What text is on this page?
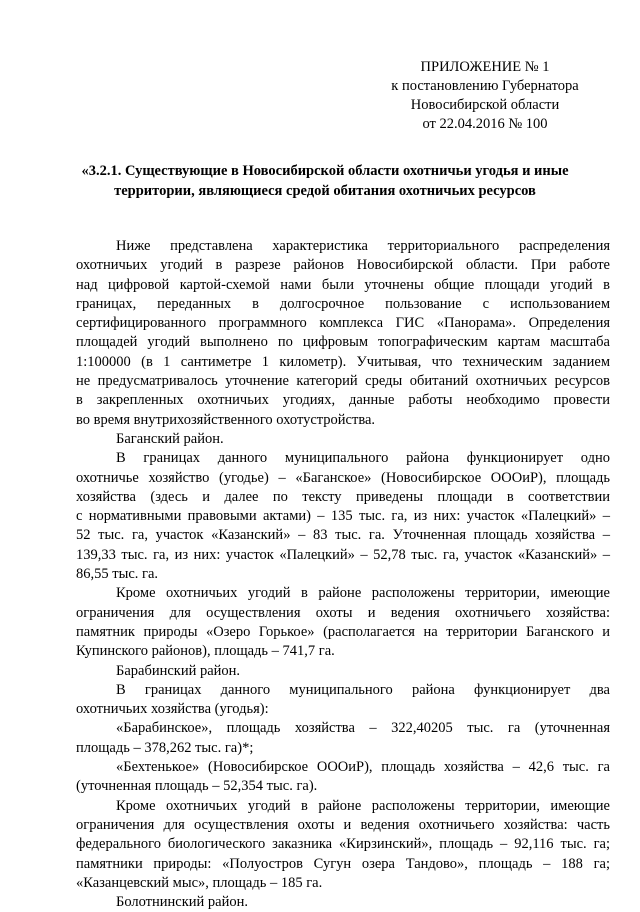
ПРИЛОЖЕНИЕ № 1
к постановлению Губернатора
Новосибирской области
от 22.04.2016 № 100
«3.2.1. Существующие в Новосибирской области охотничьи угодья и иные
территории, являющиеся средой обитания охотничьих ресурсов
Ниже представлена характеристика территориального распределения
охотничьих угодий в разрезе районов Новосибирской области. При работе
над цифровой картой-схемой нами были уточнены общие площади угодий в
границах, переданных в долгосрочное пользование с использованием
сертифицированного программного комплекса ГИС «Панорама». Определения
площадей угодий выполнено по цифровым топографическим картам масштаба
1:100000 (в 1 сантиметре 1 километр). Учитывая, что техническим заданием
не предусматривалось уточнение категорий среды обитаний охотничьих ресурсов
в закрепленных охотничьих угодиях, данные работы необходимо провести
во время внутрихозяйственного охотустройства.
Баганский район.
В границах данного муниципального района функционирует одно
охотничье хозяйство (угодье) – «Баганское» (Новосибирское ОООиР), площадь
хозяйства (здесь и далее по тексту приведены площади в соответствии
с нормативными правовыми актами) – 135 тыс. га, из них: участок «Палецкий» –
52 тыс. га, участок «Казанский» – 83 тыс. га. Уточненная площадь хозяйства –
139,33 тыс. га, из них: участок «Палецкий» – 52,78 тыс. га, участок «Казанский» –
86,55 тыс. га.
Кроме охотничьих угодий в районе расположены территории, имеющие
ограничения для осуществления охоты и ведения охотничьего хозяйства:
памятник природы «Озеро Горькое» (располагается на территории Баганского и
Купинского районов), площадь – 741,7 га.
Барабинский район.
В границах данного муниципального района функционирует два
охотничьих хозяйства (угодья):
«Барабинское», площадь хозяйства – 322,40205 тыс. га (уточненная
площадь – 378,262 тыс. га)*;
«Бехтенькое» (Новосибирское ОООиР), площадь хозяйства – 42,6 тыс. га
(уточненная площадь – 52,354 тыс. га).
Кроме охотничьих угодий в районе расположены территории, имеющие
ограничения для осуществления охоты и ведения охотничьего хозяйства: часть
федерального биологического заказника «Кирзинский», площадь – 92,116 тыс. га;
памятники природы: «Полуостров Сугун озера Тандово», площадь – 188 га;
«Казанцевский мыс», площадь – 185 га.
Болотнинский район.
